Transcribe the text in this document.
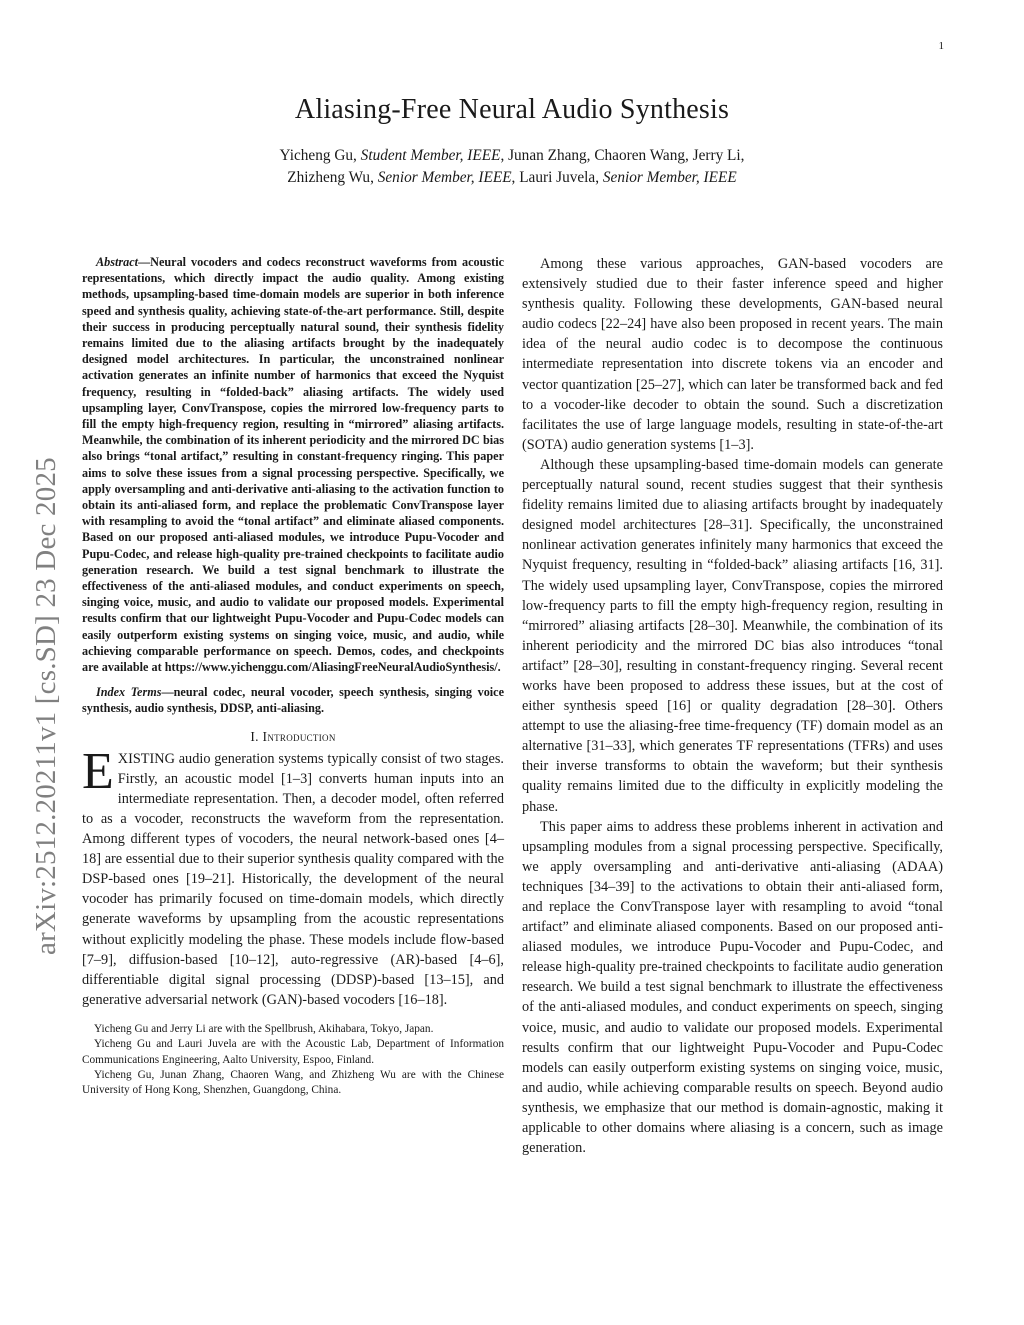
1
arXiv:2512.20211v1 [cs.SD] 23 Dec 2025
Aliasing-Free Neural Audio Synthesis
Yicheng Gu, Student Member, IEEE, Junan Zhang, Chaoren Wang, Jerry Li,
Zhizheng Wu, Senior Member, IEEE, Lauri Juvela, Senior Member, IEEE

Abstract—Neural vocoders and codecs reconstruct waveforms from acoustic representations, which directly impact the audio quality. Among existing methods, upsampling-based time-domain models are superior in both inference speed and synthesis quality, achieving state-of-the-art performance. Still, despite their success in producing perceptually natural sound, their synthesis fidelity remains limited due to the aliasing artifacts brought by the inadequately designed model architectures. In particular, the unconstrained nonlinear activation generates an infinite number of harmonics that exceed the Nyquist frequency, resulting in “folded-back” aliasing artifacts. The widely used upsampling layer, ConvTranspose, copies the mirrored low-frequency parts to fill the empty high-frequency region, resulting in “mirrored” aliasing artifacts. Meanwhile, the combination of its inherent periodicity and the mirrored DC bias also brings “tonal artifact,” resulting in constant-frequency ringing. This paper aims to solve these issues from a signal processing perspective. Specifically, we apply oversampling and anti-derivative anti-aliasing to the activation function to obtain its anti-aliased form, and replace the problematic ConvTranspose layer with resampling to avoid the “tonal artifact” and eliminate aliased components. Based on our proposed anti-aliased modules, we introduce Pupu-Vocoder and Pupu-Codec, and release high-quality pre-trained checkpoints to facilitate audio generation research. We build a test signal benchmark to illustrate the effectiveness of the anti-aliased modules, and conduct experiments on speech, singing voice, music, and audio to validate our proposed models. Experimental results confirm that our lightweight Pupu-Vocoder and Pupu-Codec models can easily outperform existing systems on singing voice, music, and audio, while achieving comparable performance on speech. Demos, codes, and checkpoints are available at https://www.yichenggu.com/AliasingFreeNeuralAudioSynthesis/.

Index Terms—neural codec, neural vocoder, speech synthesis, singing voice synthesis, audio synthesis, DDSP, anti-aliasing.

I. Introduction

EXISTING audio generation systems typically consist of two stages. Firstly, an acoustic model [1–3] converts human inputs into an intermediate representation. Then, a decoder model, often referred to as a vocoder, reconstructs the waveform from the representation. Among different types of vocoders, the neural network-based ones [4–18] are essential due to their superior synthesis quality compared with the DSP-based ones [19–21]. Historically, the development of the neural vocoder has primarily focused on time-domain models, which directly generate waveforms by upsampling from the acoustic representations without explicitly modeling the phase. These models include flow-based [7–9], diffusion-based [10–12], auto-regressive (AR)-based [4–6], differentiable digital signal processing (DDSP)-based [13–15], and generative adversarial network (GAN)-based vocoders [16–18].

Yicheng Gu and Jerry Li are with the Spellbrush, Akihabara, Tokyo, Japan.

Yicheng Gu and Lauri Juvela are with the Acoustic Lab, Department of Information Communications Engineering, Aalto University, Espoo, Finland.

Yicheng Gu, Junan Zhang, Chaoren Wang, and Zhizheng Wu are with the Chinese University of Hong Kong, Shenzhen, Guangdong, China.

Among these various approaches, GAN-based vocoders are extensively studied due to their faster inference speed and higher synthesis quality. Following these developments, GAN-based neural audio codecs [22–24] have also been proposed in recent years. The main idea of the neural audio codec is to decompose the continuous intermediate representation into discrete tokens via an encoder and vector quantization [25–27], which can later be transformed back and fed to a vocoder-like decoder to obtain the sound. Such a discretization facilitates the use of large language models, resulting in state-of-the-art (SOTA) audio generation systems [1–3].

Although these upsampling-based time-domain models can generate perceptually natural sound, recent studies suggest that their synthesis fidelity remains limited due to aliasing artifacts brought by inadequately designed model architectures [28–31]. Specifically, the unconstrained nonlinear activation generates infinitely many harmonics that exceed the Nyquist frequency, resulting in “folded-back” aliasing artifacts [16, 31]. The widely used upsampling layer, ConvTranspose, copies the mirrored low-frequency parts to fill the empty high-frequency region, resulting in “mirrored” aliasing artifacts [28–30]. Meanwhile, the combination of its inherent periodicity and the mirrored DC bias also introduces “tonal artifact” [28–30], resulting in constant-frequency ringing. Several recent works have been proposed to address these issues, but at the cost of either synthesis speed [16] or quality degradation [28–30]. Others attempt to use the aliasing-free time-frequency (TF) domain model as an alternative [31–33], which generates TF representations (TFRs) and uses their inverse transforms to obtain the waveform; but their synthesis quality remains limited due to the difficulty in explicitly modeling the phase.

This paper aims to address these problems inherent in activation and upsampling modules from a signal processing perspective. Specifically, we apply oversampling and anti-derivative anti-aliasing (ADAA) techniques [34–39] to the activations to obtain their anti-aliased form, and replace the ConvTranspose layer with resampling to avoid “tonal artifact” and eliminate aliased components. Based on our proposed anti-aliased modules, we introduce Pupu-Vocoder and Pupu-Codec, and release high-quality pre-trained checkpoints to facilitate audio generation research. We build a test signal benchmark to illustrate the effectiveness of the anti-aliased modules, and conduct experiments on speech, singing voice, music, and audio to validate our proposed models. Experimental results confirm that our lightweight Pupu-Vocoder and Pupu-Codec models can easily outperform existing systems on singing voice, music, and audio, while achieving comparable results on speech. Beyond audio synthesis, we emphasize that our method is domain-agnostic, making it applicable to other domains where aliasing is a concern, such as image generation.
